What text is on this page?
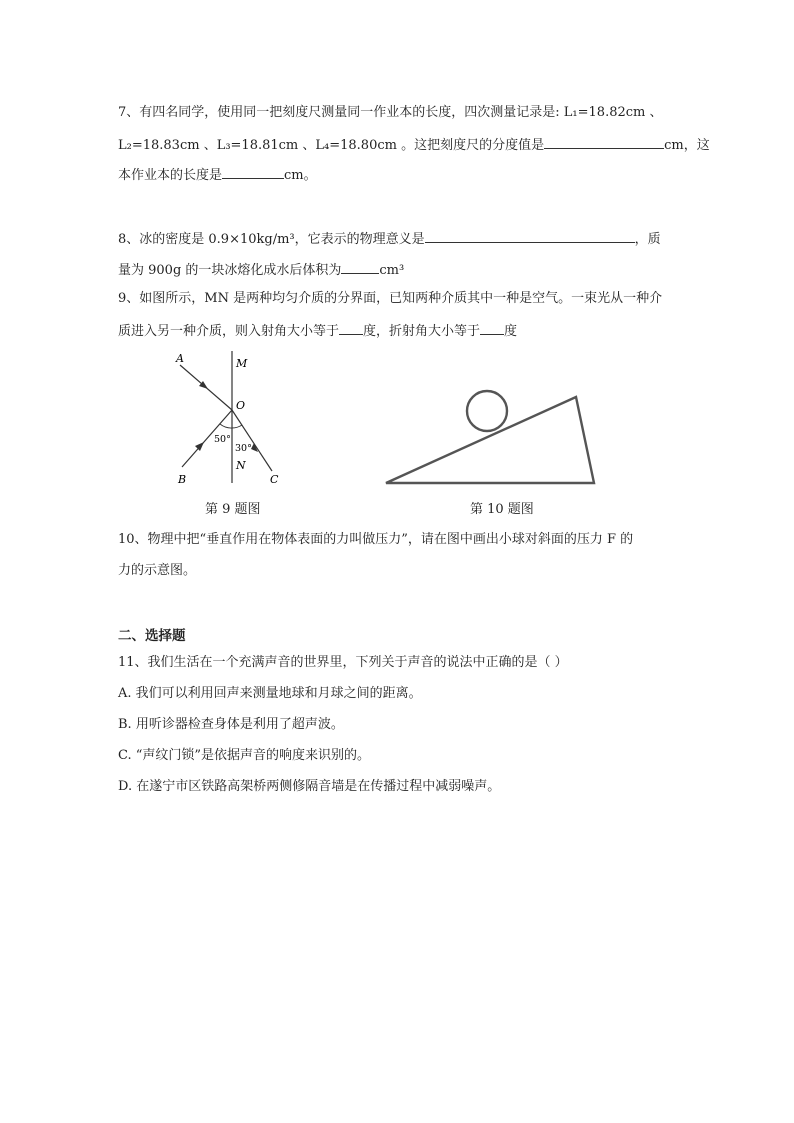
7、有四名同学，使用同一把刻度尺测量同一作业本的长度，四次测量记录是: L₁=18.82cm 、
L₂=18.83cm 、L₃=18.81cm 、L₄=18.80cm 。这把刻度尺的分度值是	cm，这
本作业本的长度是	cm。
8、冰的密度是 0.9×10kg/m³，它表示的物理意义是	，质
量为 900g 的一块冰熔化成水后体积为	cm³
9、如图所示，MN 是两种均匀介质的分界面，已知两种介质其中一种是空气。一束光从一种介
质进入另一种介质，则入射角大小等于 度，折射角大小等于 度
A	M
O
50°
30°
B
N
C
第 9 题图	第 10 题图
10、物理中把“垂直作用在物体表面的力叫做压力”，请在图中画出小球对斜面的压力 F 的
力的示意图。
二、选择题
11、我们生活在一个充满声音的世界里，下列关于声音的说法中正确的是（ ）
A. 我们可以利用回声来测量地球和月球之间的距离。
B. 用听诊器检查身体是利用了超声波。
C. “声纹门锁”是依据声音的响度来识别的。
D. 在遂宁市区铁路高架桥两侧修隔音墙是在传播过程中减弱噪声。
